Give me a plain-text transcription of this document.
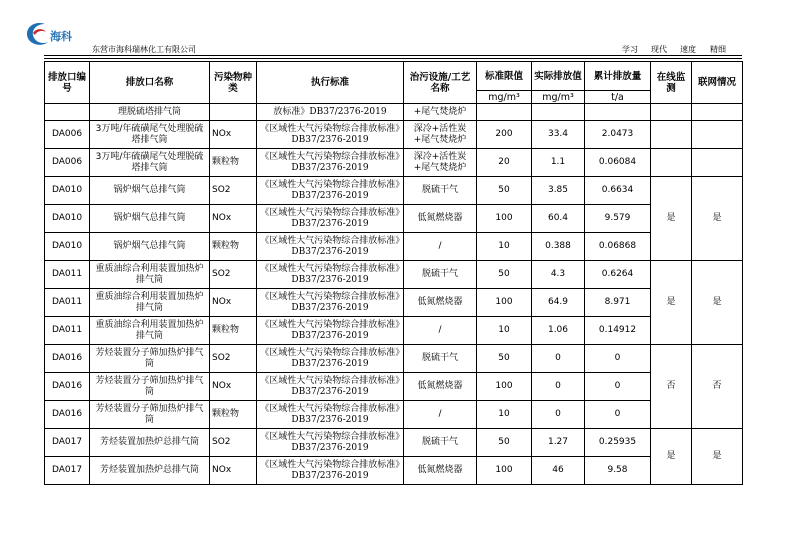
海科
东营市海科瑞林化工有限公司	学习 现代 速度 精细
排放口编号	排放口名称	污染物种类	执行标准	治污设施/工艺名称	标准限值	实际排放值	累计排放量	在线监测	联网情况
					mg/m³	mg/m³	t/a		
	理脱硫塔排气筒		放标准》DB37/2376-2019	+尾气焚烧炉					
DA006	3万吨/年硫磺尾气处理脱硫塔排气筒	NOx	《区域性大气污染物综合排放标准》DB37/2376-2019	深冷+活性炭+尾气焚烧炉	200	33.4	2.0473		
DA006	3万吨/年硫磺尾气处理脱硫塔排气筒	颗粒物	《区域性大气污染物综合排放标准》DB37/2376-2019	深冷+活性炭+尾气焚烧炉	20	1.1	0.06084		
DA010	锅炉烟气总排气筒	SO2	《区域性大气污染物综合排放标准》DB37/2376-2019	脱硫干气	50	3.85	0.6634	是	是
DA010	锅炉烟气总排气筒	NOx	《区域性大气污染物综合排放标准》DB37/2376-2019	低氮燃烧器	100	60.4	9.579		
DA010	锅炉烟气总排气筒	颗粒物	《区域性大气污染物综合排放标准》DB37/2376-2019	/	10	0.388	0.06868		
DA011	重质油综合利用装置加热炉排气筒	SO2	《区域性大气污染物综合排放标准》DB37/2376-2019	脱硫干气	50	4.3	0.6264	是	是
DA011	重质油综合利用装置加热炉排气筒	NOx	《区域性大气污染物综合排放标准》DB37/2376-2019	低氮燃烧器	100	64.9	8.971		
DA011	重质油综合利用装置加热炉排气筒	颗粒物	《区域性大气污染物综合排放标准》DB37/2376-2019	/	10	1.06	0.14912		
DA016	芳烃装置分子筛加热炉排气筒	SO2	《区域性大气污染物综合排放标准》DB37/2376-2019	脱硫干气	50	0	0	否	否
DA016	芳烃装置分子筛加热炉排气筒	NOx	《区域性大气污染物综合排放标准》DB37/2376-2019	低氮燃烧器	100	0	0		
DA016	芳烃装置分子筛加热炉排气筒	颗粒物	《区域性大气污染物综合排放标准》DB37/2376-2019	/	10	0	0		
DA017	芳烃装置加热炉总排气筒	SO2	《区域性大气污染物综合排放标准》DB37/2376-2019	脱硫干气	50	1.27	0.25935	是	是
DA017	芳烃装置加热炉总排气筒	NOx	《区域性大气污染物综合排放标准》DB37/2376-2019	低氮燃烧器	100	46	9.58		
